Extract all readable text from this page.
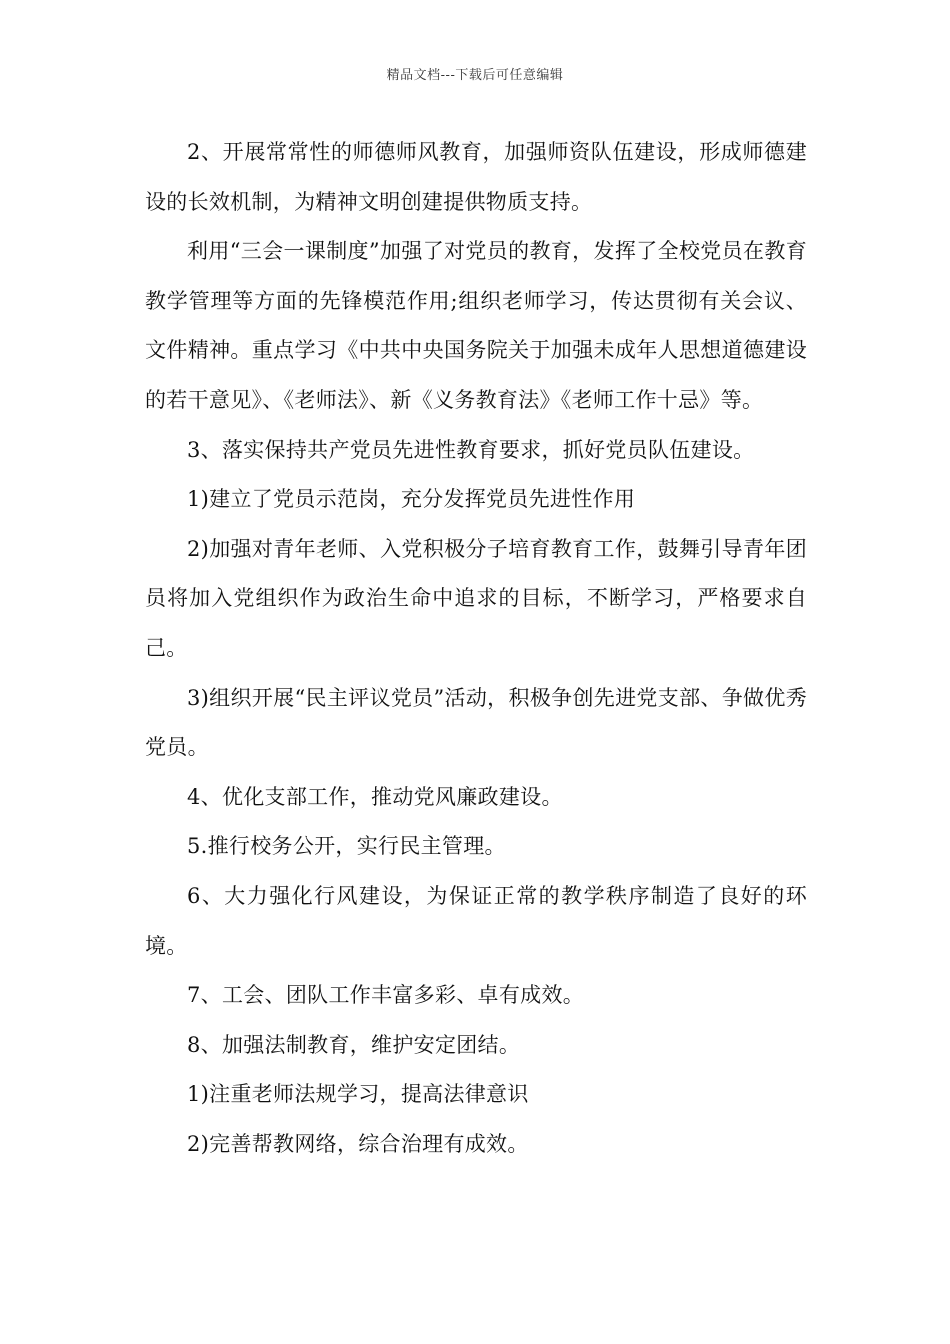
精品文档---下载后可任意编辑

2、开展常常性的师德师风教育，加强师资队伍建设，形成师德建设的长效机制，为精神文明创建提供物质支持。

利用“三会一课制度”加强了对党员的教育，发挥了全校党员在教育教学管理等方面的先锋模范作用;组织老师学习，传达贯彻有关会议、文件精神。重点学习《中共中央国务院关于加强未成年人思想道德建设的若干意见》、《老师法》、新《义务教育法》《老师工作十忌》等。

3、落实保持共产党员先进性教育要求，抓好党员队伍建设。

1)建立了党员示范岗，充分发挥党员先进性作用

2)加强对青年老师、入党积极分子培育教育工作，鼓舞引导青年团员将加入党组织作为政治生命中追求的目标，不断学习，严格要求自己。

3)组织开展“民主评议党员”活动，积极争创先进党支部、争做优秀党员。

4、优化支部工作，推动党风廉政建设。

5.推行校务公开，实行民主管理。

6、大力强化行风建设，为保证正常的教学秩序制造了良好的环境。

7、工会、团队工作丰富多彩、卓有成效。

8、加强法制教育，维护安定团结。

1)注重老师法规学习，提高法律意识

2)完善帮教网络，综合治理有成效。
